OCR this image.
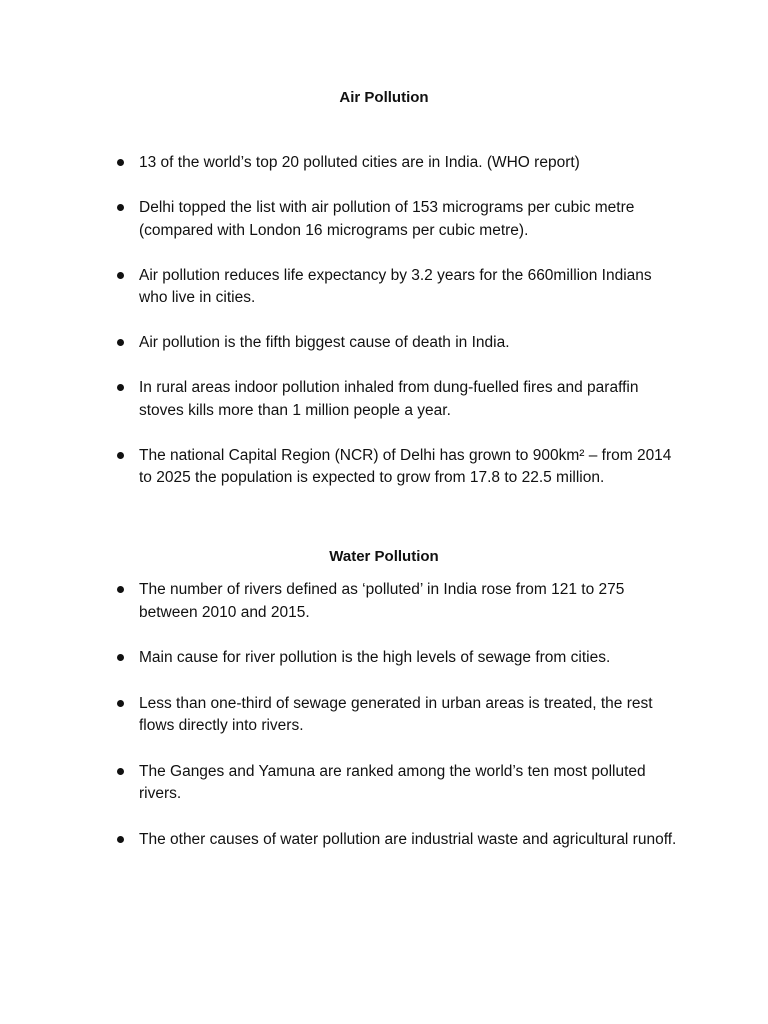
Air Pollution
13 of the world’s top 20 polluted cities are in India. (WHO report)
Delhi topped the list with air pollution of 153 micrograms per cubic metre (compared with London 16 micrograms per cubic metre).
Air pollution reduces life expectancy by 3.2 years for the 660million Indians who live in cities.
Air pollution is the fifth biggest cause of death in India.
In rural areas indoor pollution inhaled from dung-fuelled fires and paraffin stoves kills more than 1 million people a year.
The national Capital Region (NCR) of Delhi has grown to 900km² – from 2014 to 2025 the population is expected to grow from 17.8 to 22.5 million.
Water Pollution
The number of rivers defined as ‘polluted’ in India rose from 121 to 275 between 2010 and 2015.
Main cause for river pollution is the high levels of sewage from cities.
Less than one-third of sewage generated in urban areas is treated, the rest flows directly into rivers.
The Ganges and Yamuna are ranked among the world’s ten most polluted rivers.
The other causes of water pollution are industrial waste and agricultural runoff.
